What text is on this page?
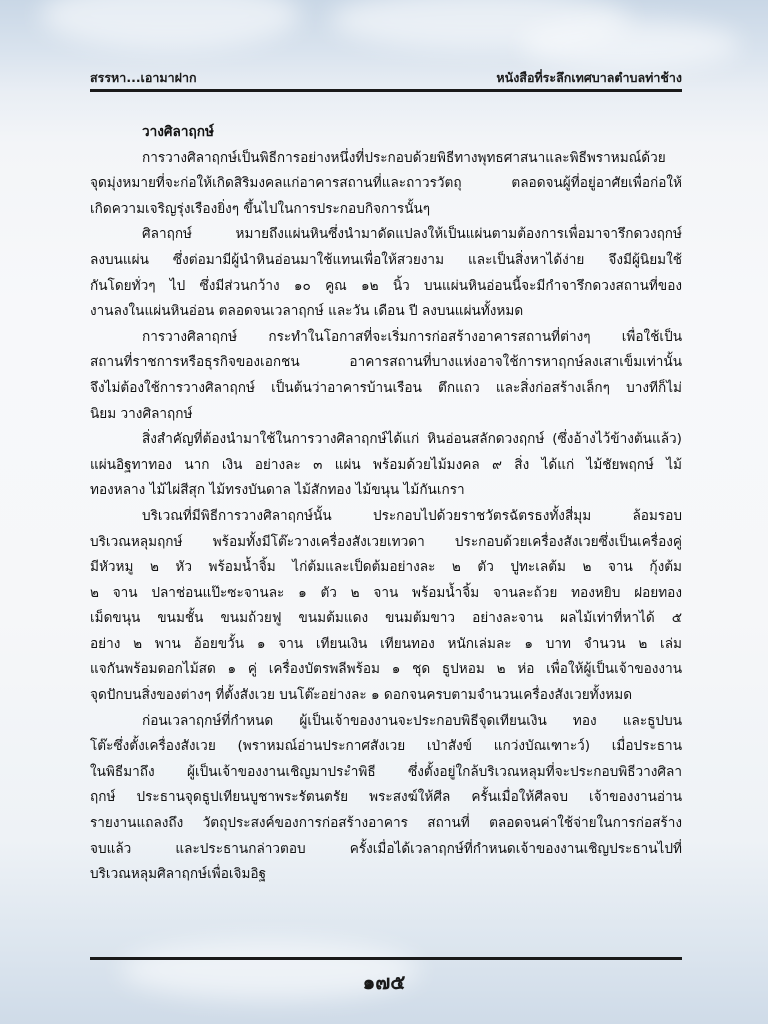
สรรหา...เอามาฝาก	หนังสือที่ระลึกเทศบาลตำบลท่าช้าง
วางศิลาฤกษ์
การวางศิลาฤกษ์เป็นพิธีการอย่างหนึ่งที่ประกอบด้วยพิธีทางพุทธศาสนาและพิธีพราหมณ์ด้วย
จุดมุ่งหมายที่จะก่อให้เกิดสิริมงคลแก่อาคารสถานที่และถาวรวัตถุ ตลอดจนผู้ที่อยู่อาศัยเพื่อก่อให้
เกิดความเจริญรุ่งเรืองยิ่งๆ ขึ้นไปในการประกอบกิจการนั้นๆ
ศิลาฤกษ์ หมายถึงแผ่นหินซึ่งนำมาดัดแปลงให้เป็นแผ่นตามต้องการเพื่อมาจารึกดวงฤกษ์
ลงบนแผ่น ซึ่งต่อมามีผู้นำหินอ่อนมาใช้แทนเพื่อให้สวยงาม และเป็นสิ่งหาได้ง่าย จึงมีผู้นิยมใช้
กันโดยทั่วๆ ไป ซึ่งมีส่วนกว้าง ๑๐ คูณ ๑๒ นิ้ว บนแผ่นหินอ่อนนี้จะมีกำจารึกดวงสถานที่ของ
งานลงในแผ่นหินอ่อน ตลอดจนเวลาฤกษ์ และวัน เดือน ปี ลงบนแผ่นทั้งหมด
การวางศิลาฤกษ์ กระทำในโอกาสที่จะเริ่มการก่อสร้างอาคารสถานที่ต่างๆ เพื่อใช้เป็น
สถานที่ราชการหรือธุรกิจของเอกชน อาคารสถานที่บางแห่งอาจใช้การหาฤกษ์ลงเสาเข็มเท่านั้น
จึงไม่ต้องใช้การวางศิลาฤกษ์ เป็นต้นว่าอาคารบ้านเรือน ตึกแถว และสิ่งก่อสร้างเล็กๆ บางทีก็ไม่
นิยม วางศิลาฤกษ์
สิ่งสำคัญที่ต้องนำมาใช้ในการวางศิลาฤกษ์ได้แก่ หินอ่อนสลักดวงฤกษ์ (ซึ่งอ้างไว้ข้างต้นแล้ว)
แผ่นอิฐทาทอง นาก เงิน อย่างละ ๓ แผ่น พร้อมด้วยไม้มงคล ๙ สิ่ง ได้แก่ ไม้ชัยพฤกษ์ ไม้
ทองหลาง ไม้ไผ่สีสุก ไม้ทรงบันดาล ไม้สักทอง ไม้ขนุน ไม้กันเกรา
บริเวณที่มีพิธีการวางศิลาฤกษ์นั้น ประกอบไปด้วยราชวัตรฉัตรธงทั้งสี่มุม ล้อมรอบ
บริเวณหลุมฤกษ์ พร้อมทั้งมีโต๊ะวางเครื่องสังเวยเทวดา ประกอบด้วยเครื่องสังเวยซึ่งเป็นเครื่องคู่
มีหัวหมู ๒ หัว พร้อมน้ำจิ้ม ไก่ต้มและเป็ดต้มอย่างละ ๒ ตัว ปูทะเลต้ม ๒ จาน กุ้งต้ม
๒ จาน ปลาช่อนแป๊ะซะจานละ ๑ ตัว ๒ จาน พร้อมน้ำจิ้ม จานละถ้วย ทองหยิบ ฝอยทอง
เม็ดขนุน ขนมชั้น ขนมถ้วยฟู ขนมต้มแดง ขนมต้มขาว อย่างละจาน ผลไม้เท่าที่หาได้ ๕
อย่าง ๒ พาน อ้อยขวั้น ๑ จาน เทียนเงิน เทียนทอง หนักเล่มละ ๑ บาท จำนวน ๒ เล่ม
แจกันพร้อมดอกไม้สด ๑ คู่ เครื่องบัตรพลีพร้อม ๑ ชุด ธูปหอม ๒ ห่อ เพื่อให้ผู้เป็นเจ้าของงาน
จุดปักบนสิ่งของต่างๆ ที่ตั้งสังเวย บนโต๊ะอย่างละ ๑ ดอกจนครบตามจำนวนเครื่องสังเวยทั้งหมด
ก่อนเวลาฤกษ์ที่กำหนด ผู้เป็นเจ้าของงานจะประกอบพิธีจุดเทียนเงิน ทอง และธูปบน
โต๊ะซึ่งตั้งเครื่องสังเวย (พราหมณ์อ่านประกาศสังเวย เป่าสังข์ แกว่งบัณเฑาะว์) เมื่อประธาน
ในพิธีมาถึง ผู้เป็นเจ้าของงานเชิญมาประำพิธี ซึ่งตั้งอยู่ใกล้บริเวณหลุมที่จะประกอบพิธีวางศิลา
ฤกษ์ ประธานจุดธูปเทียนบูชาพระรัตนตรัย พระสงฆ์ให้ศีล ครั้นเมื่อให้ศีลจบ เจ้าของงานอ่าน
รายงานแถลงถึง วัตถุประสงค์ของการก่อสร้างอาคาร สถานที่ ตลอดจนค่าใช้จ่ายในการก่อสร้าง
จบแล้ว และประธานกล่าวตอบ ครั้งเมื่อได้เวลาฤกษ์ที่กำหนดเจ้าของงานเชิญประธานไปที่
บริเวณหลุมศิลาฤกษ์เพื่อเจิมอิฐ
๑๗๕
